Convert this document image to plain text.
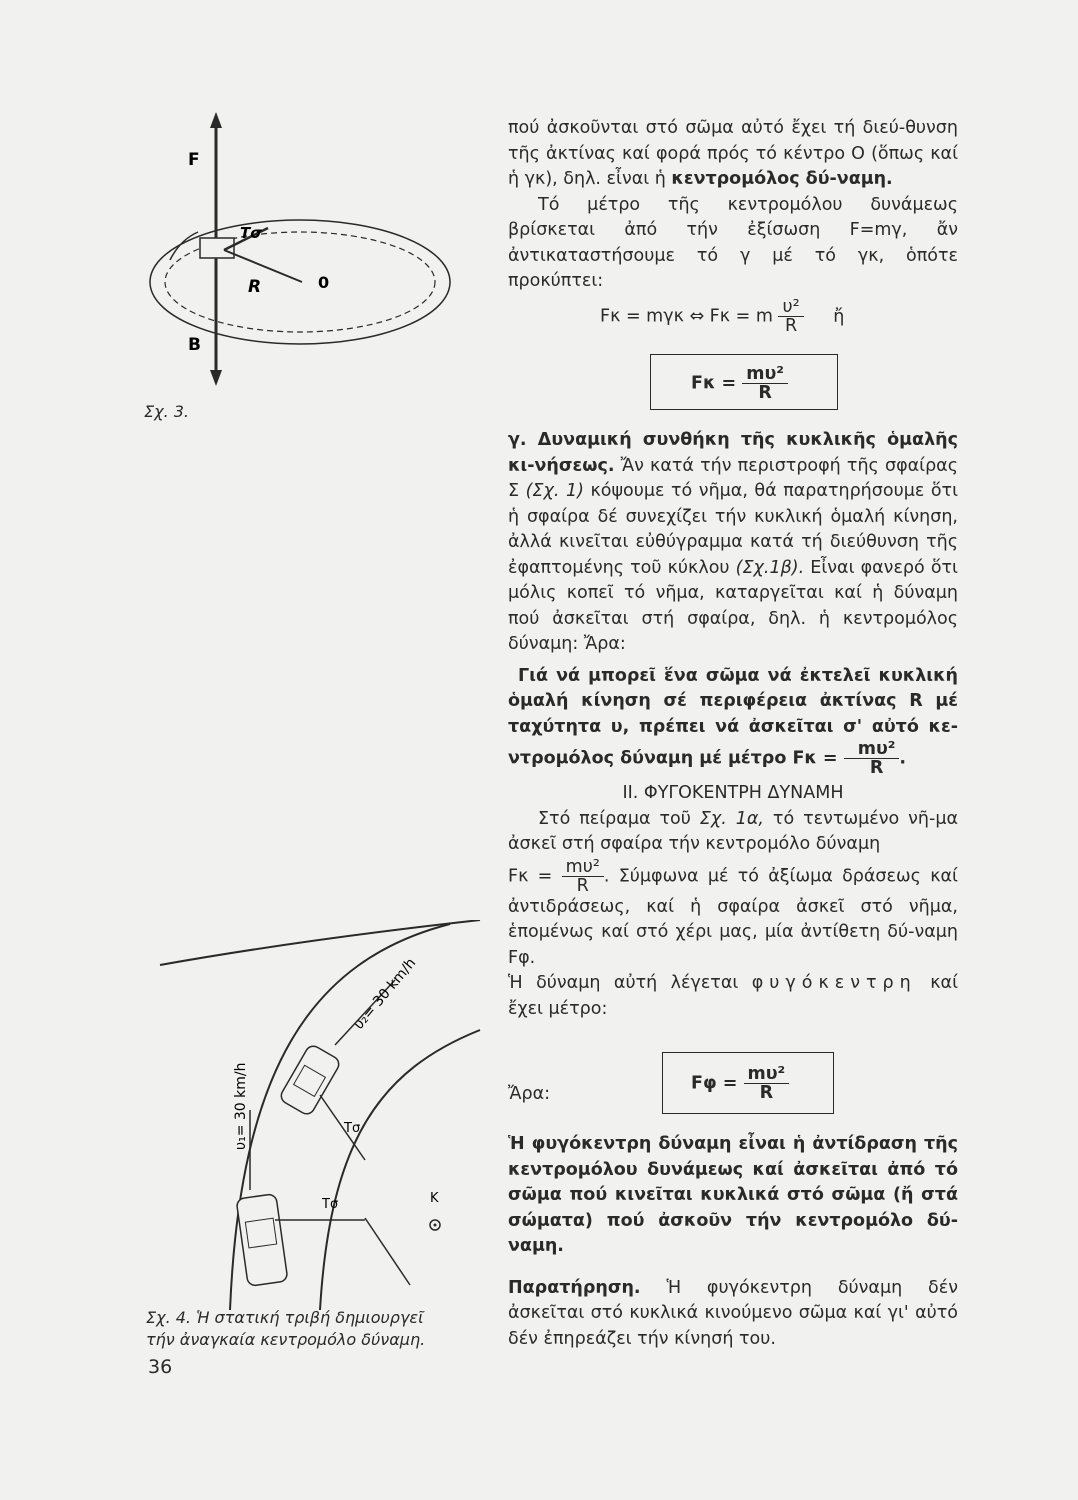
F
B
Tσ
R	0
Σχ. 3.
υ₁= 30 km/h
υ₂= 30 km/h
Tσ
Tσ	K
Σχ. 4. Ἡ στατική τριβή δημιουργεῖ
τήν ἀναγκαία κεντρομόλο δύναμη.

πού ἀσκοῦνται στό σῶμα αὐτό ἔχει τή διεύ-θυνση τῆς ἀκτίνας καί φορά πρός τό κέντρο Ο (ὅπως καί ἡ γκ), δηλ. εἶναι ἡ κεντρομόλος δύ-ναμη.

Τό μέτρο τῆς κεντρομόλου δυνάμεως βρίσκεται ἀπό τήν ἐξίσωση F=mγ, ἄν ἀντικαταστήσουμε τό γ μέ τό γκ, ὁπότε προκύπτει:

Fκ = mγκ ⇔ Fκ = m $\frac{\text{υ²}}{R}$ ἤ
$F\kappa = \frac{\text{mυ²}}{R}$

γ. Δυναμική συνθήκη τῆς κυκλικῆς ὁμαλῆς κι-νήσεως. Ἄν κατά τήν περιστροφή τῆς σφαίρας Σ (Σχ. 1) κόψουμε τό νῆμα, θά παρατηρήσουμε ὅτι ἡ σφαίρα δέ συνεχίζει τήν κυκλική ὁμαλή κίνηση, ἀλλά κινεῖται εὐθύγραμμα κατά τή διεύθυνση τῆς ἐφαπτομένης τοῦ κύκλου (Σχ.1β). Εἶναι φανερό ὅτι μόλις κοπεῖ τό νῆμα, καταργεῖται καί ἡ δύναμη πού ἀσκεῖται στή σφαίρα, δηλ. ἡ κεντρομόλος δύναμη: Ἄρα:

Γιά νά μπορεῖ ἕνα σῶμα νά ἐκτελεῖ κυκλική ὁμαλή κίνηση σέ περιφέρεια ἀκτίνας R μέ ταχύτητα υ, πρέπει νά ἀσκεῖται σ' αὐτό κε-ντρομόλος δύναμη μέ μέτρο $F\kappa = \frac{\text{mυ²}}{R}$ .

II. ΦΥΓΟΚΕΝΤΡΗ ΔΥΝΑΜΗ

Στό πείραμα τοῦ Σχ. 1α, τό τεντωμένο νῆ-μα ἀσκεῖ στή σφαίρα τήν κεντρομόλο δύναμη

$F\kappa = \frac{\text{mυ²}}{R}$ . Σύμφωνα μέ τό ἀξίωμα δράσεως καί ἀντιδράσεως, καί ἡ σφαίρα ἀσκεῖ στό νῆμα, ἑπομένως καί στό χέρι μας, μία ἀντίθετη δύ-ναμη Fφ.

Ἡ δύναμη αὐτή λέγεται φυγόκεντρη καί ἔχει μέτρο:

Ἄρα:
$F\varphi = \frac{\text{mυ²}}{R}$

Ἡ φυγόκεντρη δύναμη εἶναι ἡ ἀντίδραση τῆς κεντρομόλου δυνάμεως καί ἀσκεῖται ἀπό τό σῶμα πού κινεῖται κυκλικά στό σῶμα (ἤ στά σώματα) πού ἀσκοῦν τήν κεντρομόλο δύ-ναμη.

Παρατήρηση. Ἡ φυγόκεντρη δύναμη δέν ἀσκεῖται στό κυκλικά κινούμενο σῶμα καί γι' αὐτό δέν ἐπηρεάζει τήν κίνησή του.

36
